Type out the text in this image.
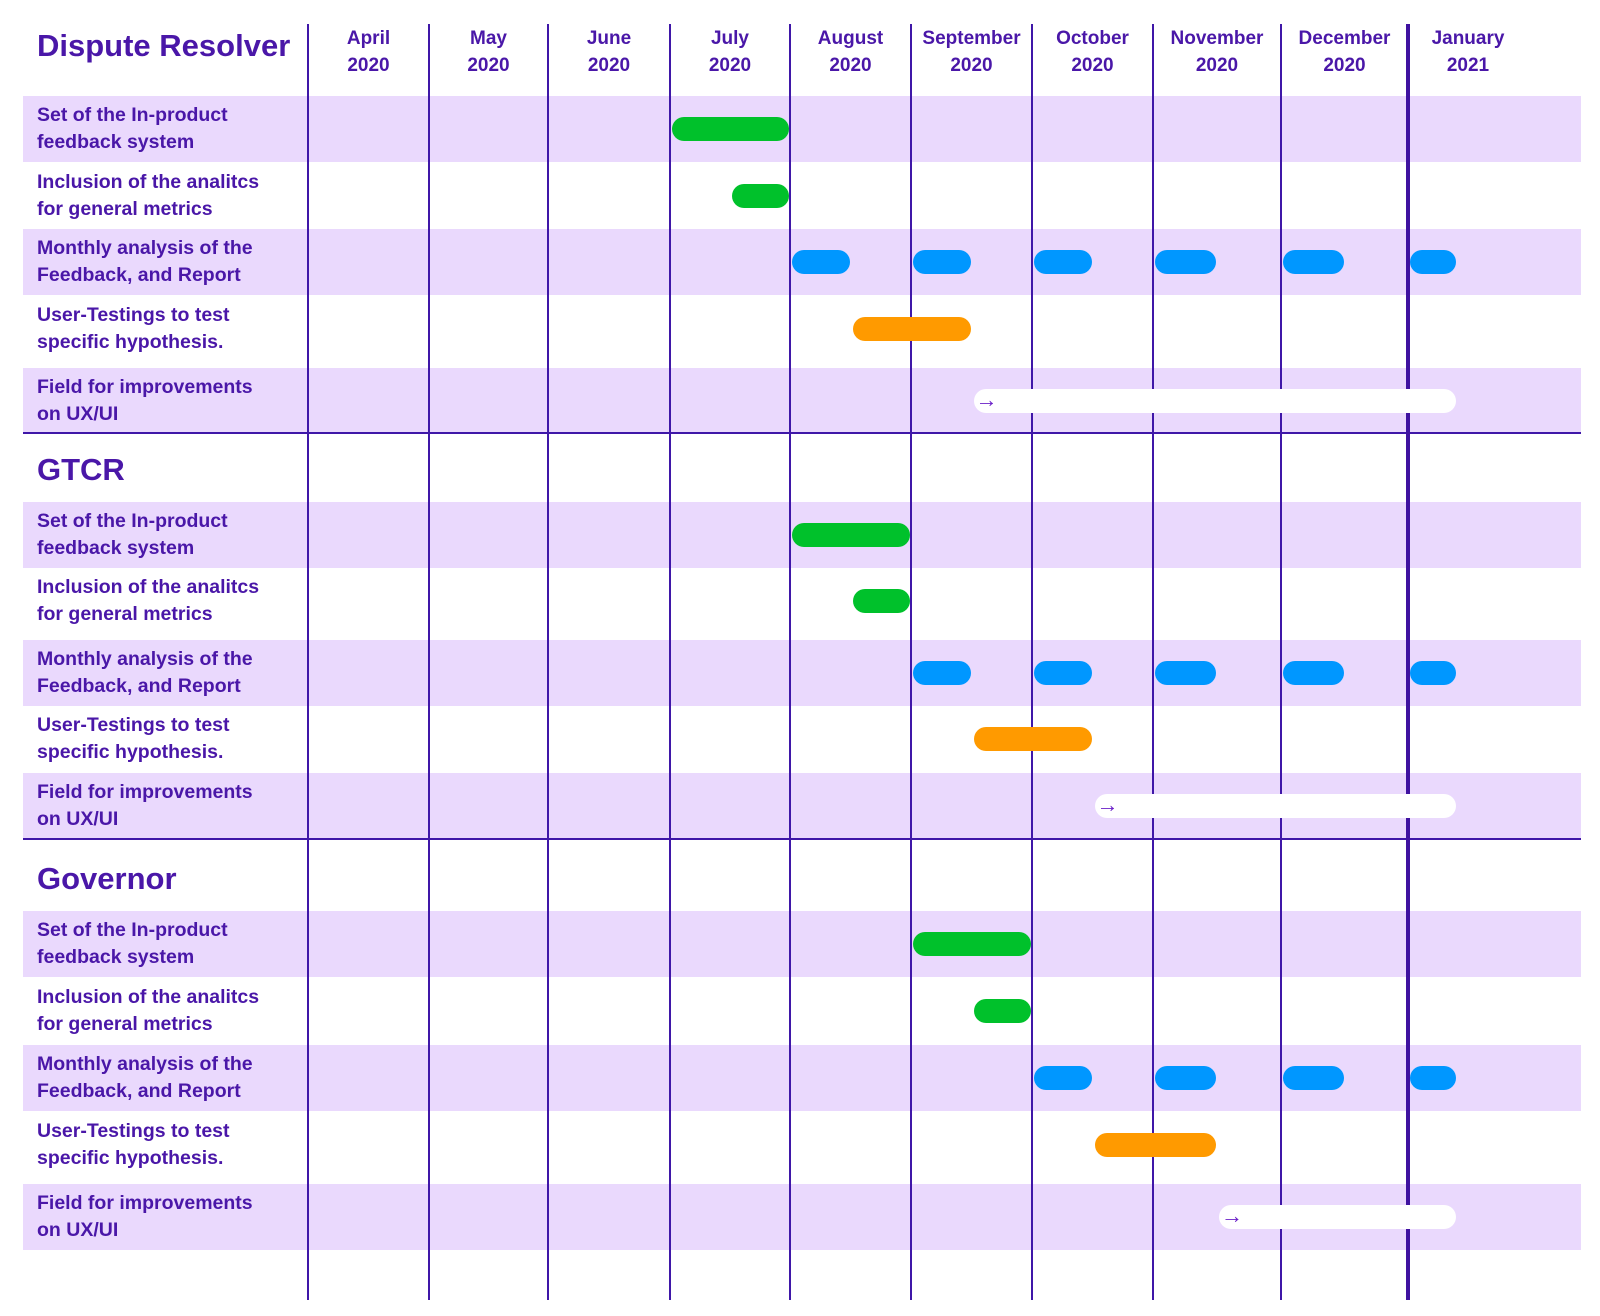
April
2020
May
2020
June
2020
July
2020
August
2020
September
2020
October
2020
November
2020
December
2020
January
2021
Dispute Resolver
Set of the In-product
feedback system
Inclusion of the analitcs
for general metrics
Monthly analysis of the
Feedback, and Report
User-Testings to test
specific hypothesis.
Field for improvements
on UX/UI
→
GTCR
Set of the In-product
feedback system
Inclusion of the analitcs
for general metrics
Monthly analysis of the
Feedback, and Report
User-Testings to test
specific hypothesis.
Field for improvements
on UX/UI
→
Governor
Set of the In-product
feedback system
Inclusion of the analitcs
for general metrics
Monthly analysis of the
Feedback, and Report
User-Testings to test
specific hypothesis.
Field for improvements
on UX/UI
→
